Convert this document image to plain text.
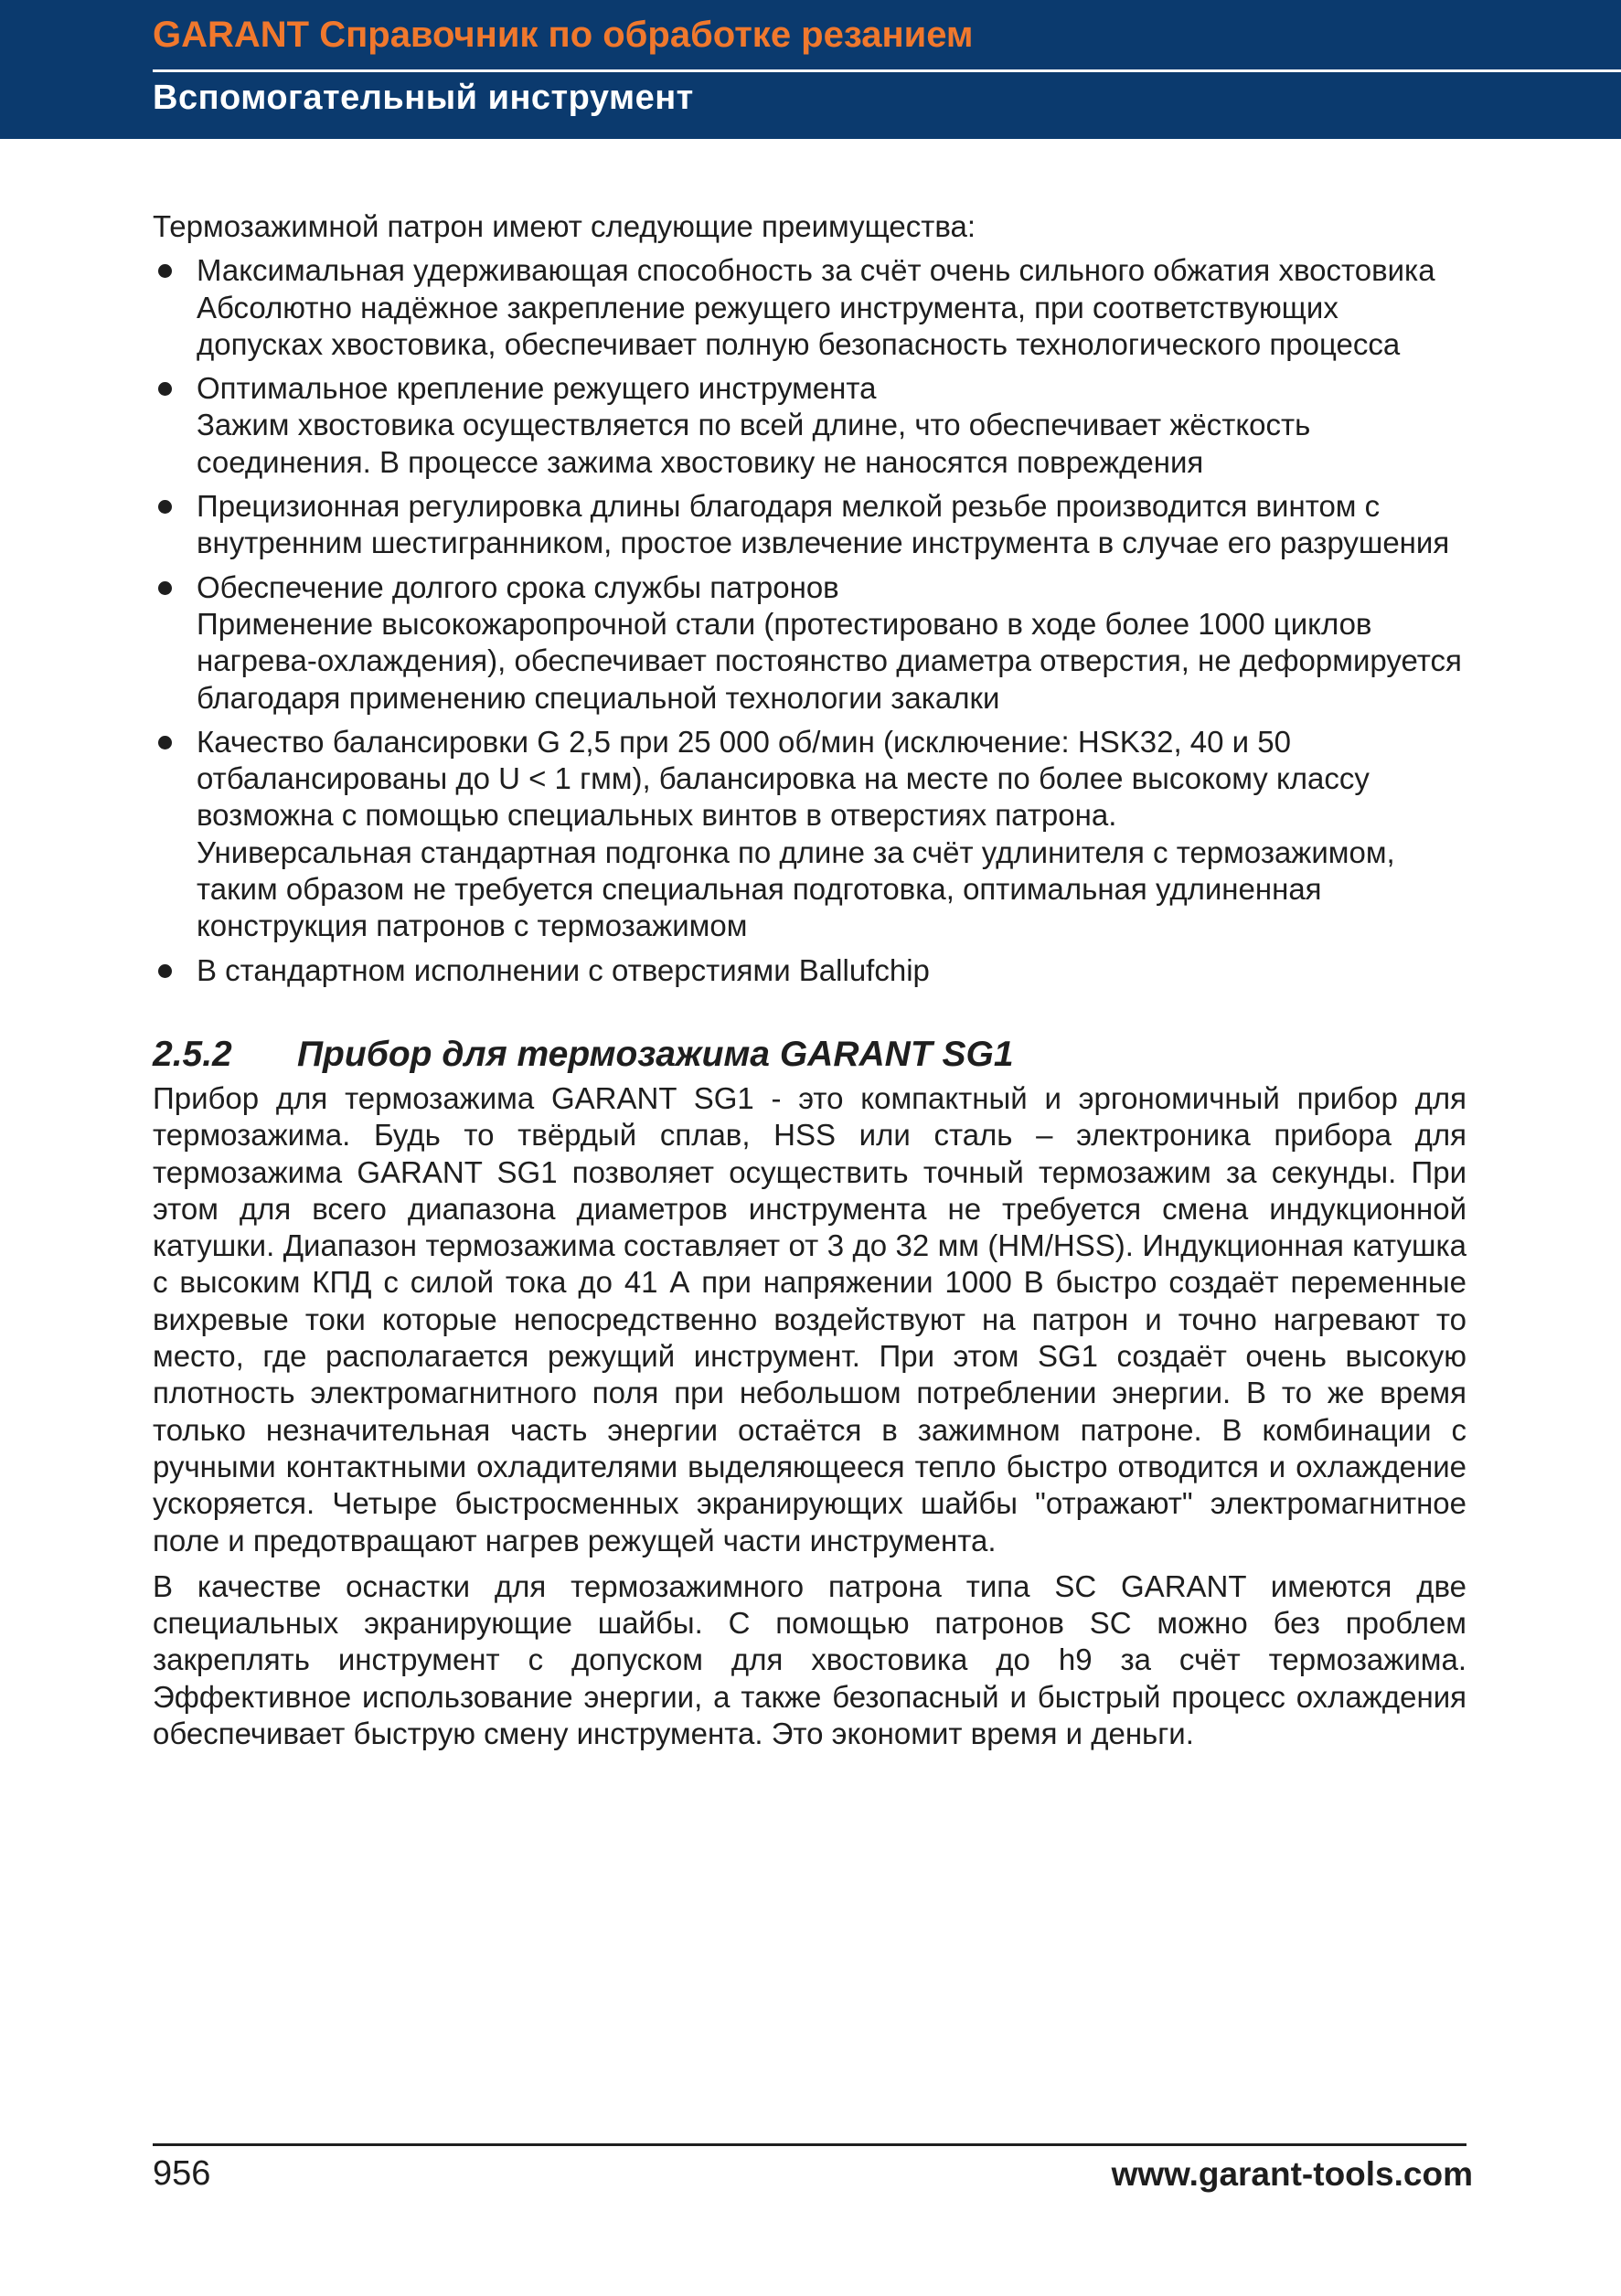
GARANT Справочник по обработке резанием
Вспомогательный инструмент

Термозажимной патрон имеют следующие преимущества:

Максимальная удерживающая способность за счёт очень сильного обжатия хвостовика

Абсолютно надёжное закрепление режущего инструмента, при соответствующих допусках хвостовика, обеспечивает полную безопасность технологического процесса

Оптимальное крепление режущего инструмента

Зажим хвостовика осуществляется по всей длине, что обеспечивает жёсткость соединения. В процессе зажима хвостовику не наносятся повреждения

Прецизионная регулировка длины благодаря мелкой резьбе производится винтом с внутренним шестигранником, простое извлечение инструмента в случае его разрушения

Обеспечение долгого срока службы патронов

Применение высокожаропрочной стали (протестировано в ходе более 1000 циклов нагрева-охлаждения), обеспечивает постоянство диаметра отверстия, не деформируется благодаря применению специальной технологии закалки

Качество балансировки G 2,5 при 25 000 об/мин (исключение: HSK32, 40 и 50 отбалансированы до U < 1 гмм), балансировка на месте по более высокому классу возможна с помощью специальных винтов в отверстиях патрона.

Универсальная стандартная подгонка по длине за счёт удлинителя с термозажимом, таким образом не требуется специальная подготовка, оптимальная удлиненная конструкция патронов с термозажимом

В стандартном исполнении с отверстиями Ballufchip

2.5.2 Прибор для термозажима GARANT SG1

Прибор для термозажима GARANT SG1 - это компактный и эргономичный прибор для термозажима. Будь то твёрдый сплав, HSS или сталь – электроника прибора для термозажима GARANT SG1 позволяет осуществить точный термозажим за секунды. При этом для всего диапазона диаметров инструмента не требуется смена индукционной катушки. Диапазон термозажима составляет от 3 до 32 мм (HM/HSS). Индукционная катушка с высоким КПД с силой тока до 41 А при напряжении 1000 В быстро создаёт переменные вихревые токи которые непосредственно воздействуют на патрон и точно нагревают то место, где располагается режущий инструмент. При этом SG1 создаёт очень высокую плотность электромагнитного поля при небольшом потреблении энергии. В то же время только незначительная часть энергии остаётся в зажимном патроне. В комбинации с ручными контактными охладителями выделяющееся тепло быстро отводится и охлаждение ускоряется. Четыре быстросменных экранирующих шайбы "отражают" электромагнитное поле и предотвращают нагрев режущей части инструмента.

В качестве оснастки для термозажимного патрона типа SC GARANT имеются две специальных экранирующие шайбы. С помощью патронов SC можно без проблем закреплять инструмент с допуском для хвостовика до h9 за счёт термозажима. Эффективное использование энергии, а также безопасный и быстрый процесс охлаждения обеспечивает быструю смену инструмента. Это экономит время и деньги.

956	www.garant-tools.com
